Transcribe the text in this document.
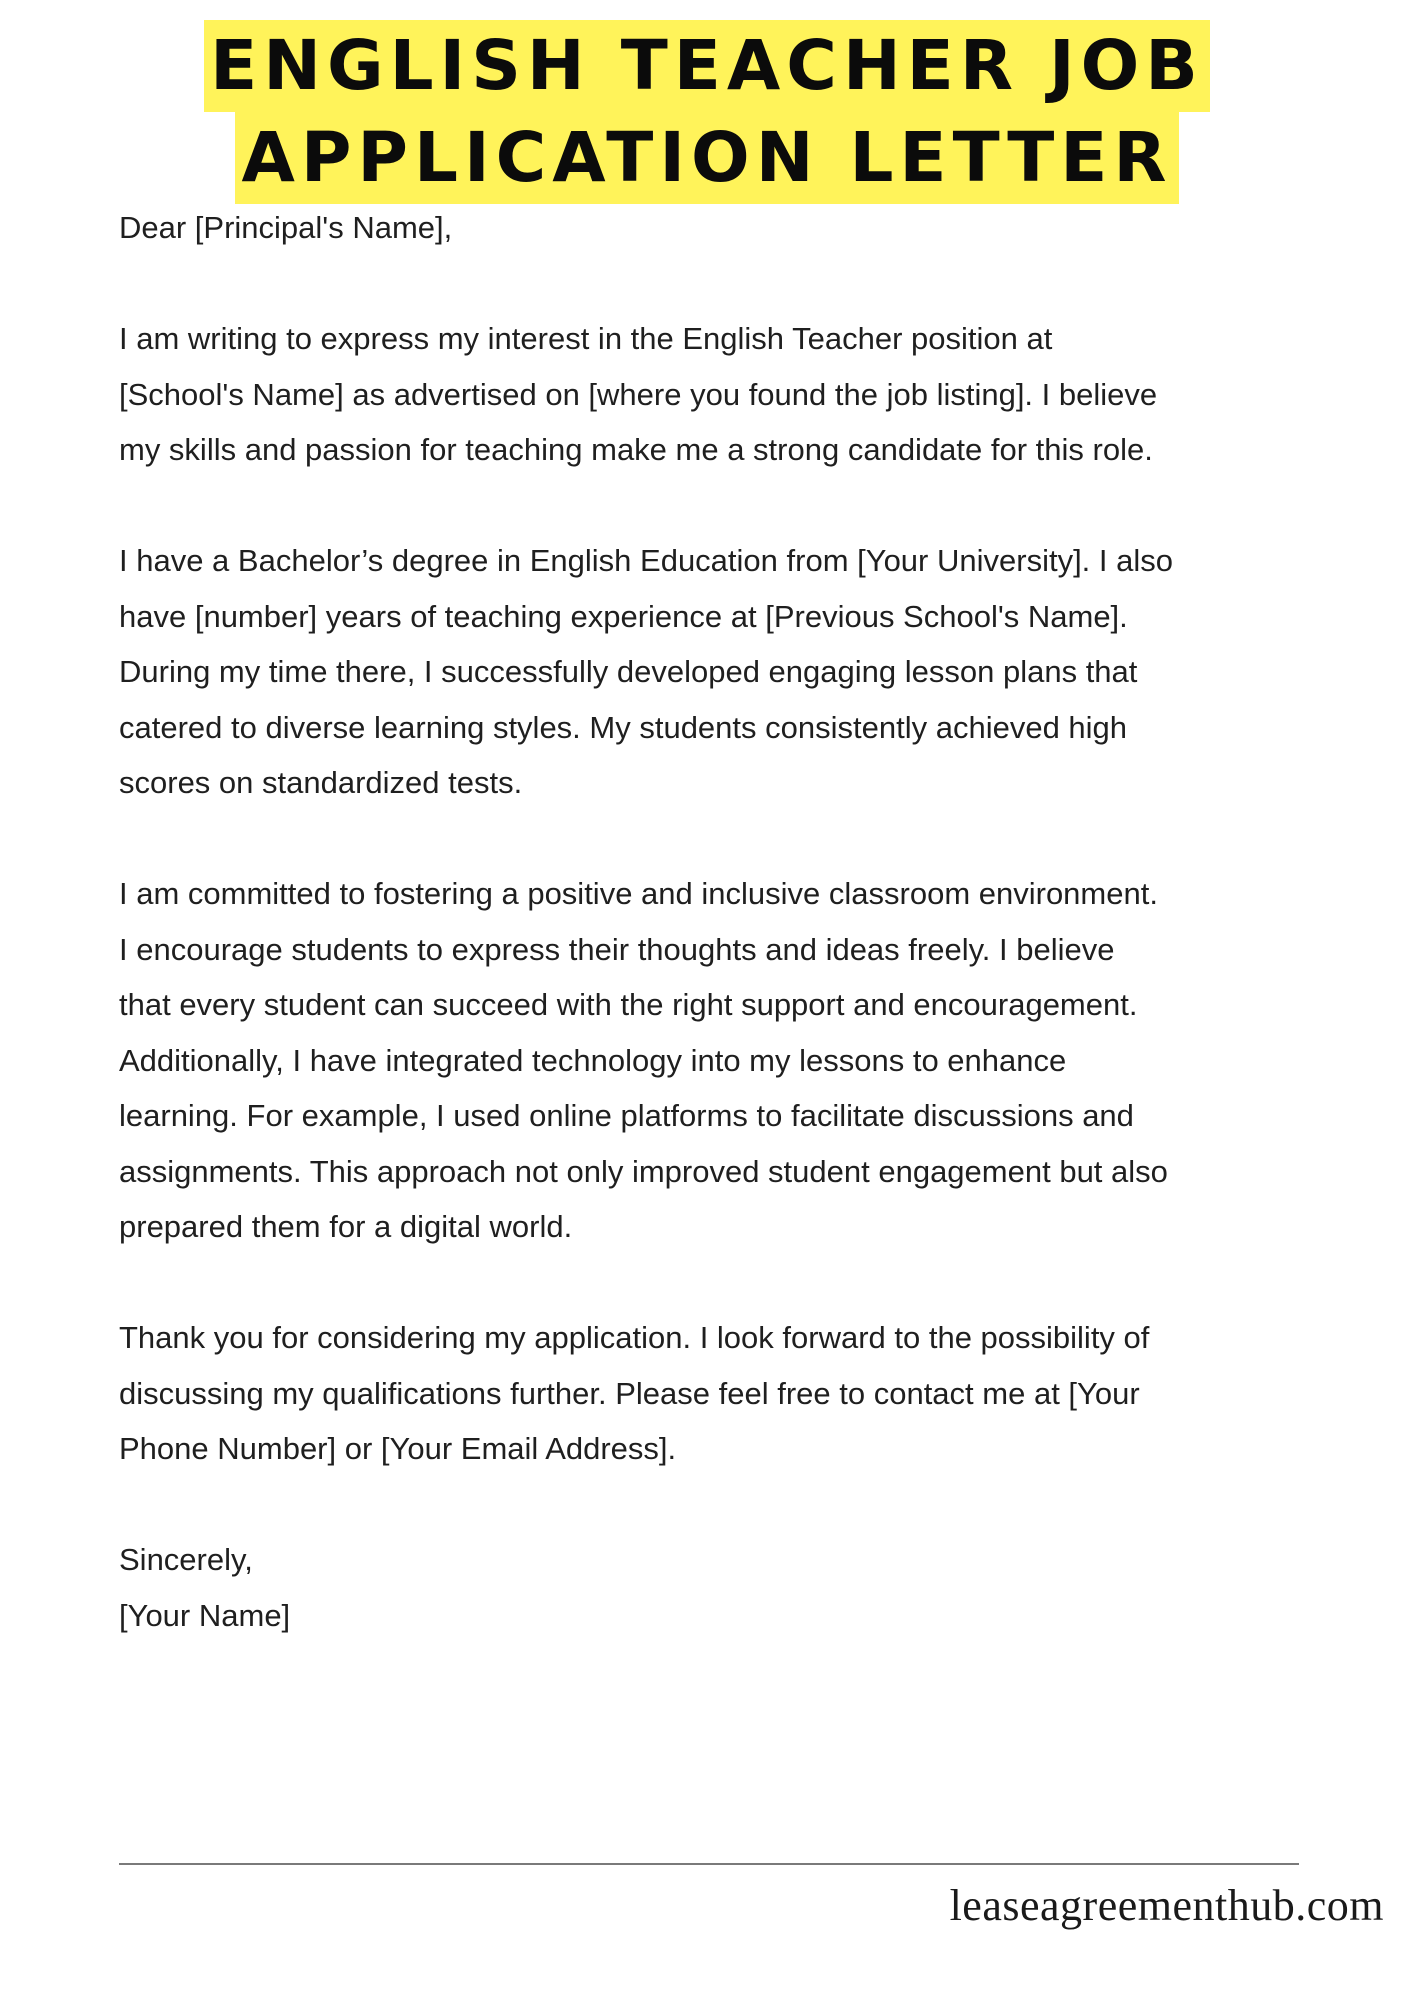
ENGLISH TEACHER JOB
APPLICATION LETTER

Dear [Principal's Name],

I am writing to express my interest in the English Teacher position at
[School's Name] as advertised on [where you found the job listing]. I believe
my skills and passion for teaching make me a strong candidate for this role.

I have a Bachelor’s degree in English Education from [Your University]. I also
have [number] years of teaching experience at [Previous School's Name].
During my time there, I successfully developed engaging lesson plans that
catered to diverse learning styles. My students consistently achieved high
scores on standardized tests.

I am committed to fostering a positive and inclusive classroom environment.
I encourage students to express their thoughts and ideas freely. I believe
that every student can succeed with the right support and encouragement.
Additionally, I have integrated technology into my lessons to enhance
learning. For example, I used online platforms to facilitate discussions and
assignments. This approach not only improved student engagement but also
prepared them for a digital world.

Thank you for considering my application. I look forward to the possibility of
discussing my qualifications further. Please feel free to contact me at [Your
Phone Number] or [Your Email Address].

Sincerely,
[Your Name]

leaseagreementhub.com
